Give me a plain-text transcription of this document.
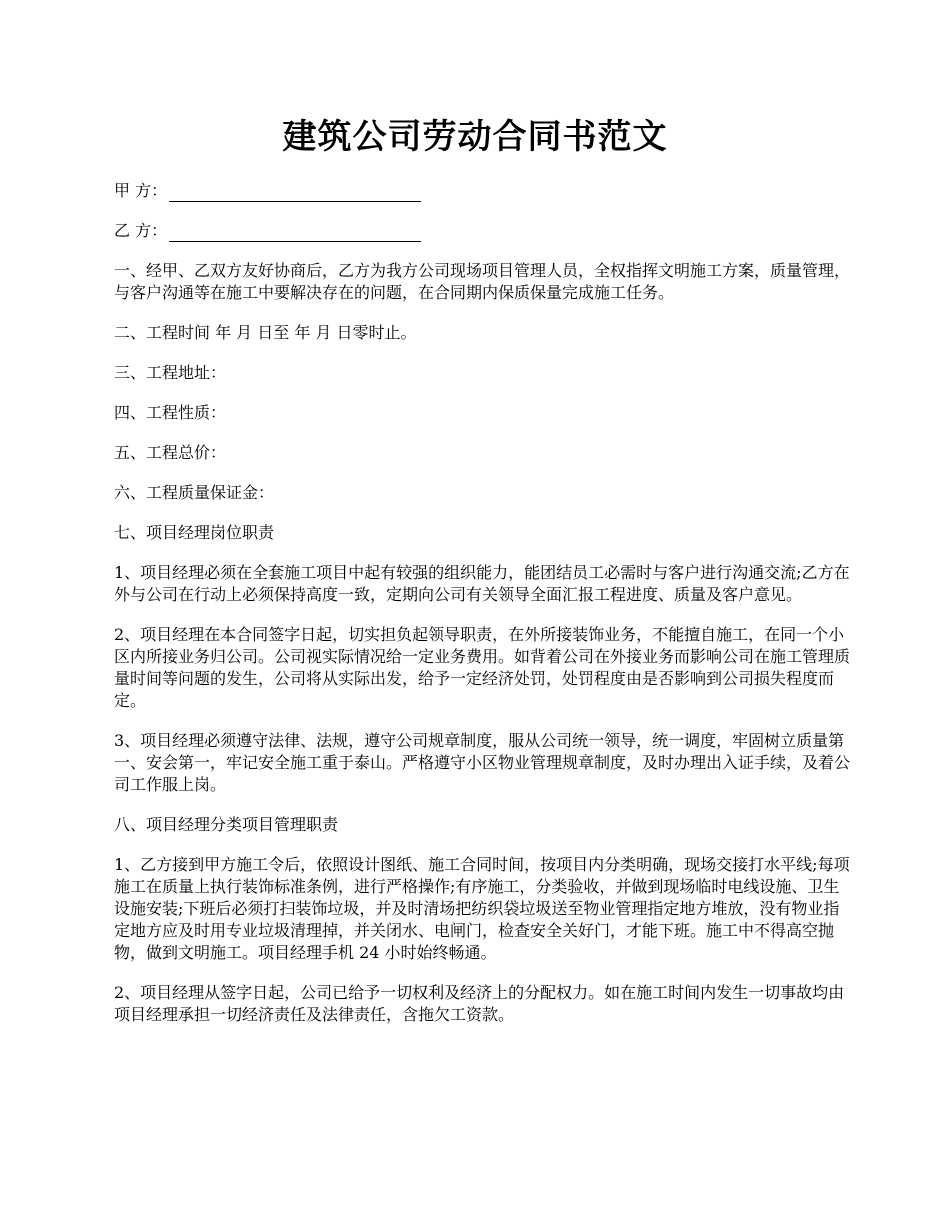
建筑公司劳动合同书范文

甲 方：

乙 方：

一、经甲、乙双方友好协商后，乙方为我方公司现场项目管理人员，全权指挥文明施工方案，质量管理，与客户沟通等在施工中要解决存在的问题，在合同期内保质保量完成施工任务。

二、工程时间 年 月 日至 年 月 日零时止。

三、工程地址：

四、工程性质：

五、工程总价：

六、工程质量保证金：

七、项目经理岗位职责

1、项目经理必须在全套施工项目中起有较强的组织能力，能团结员工必需时与客户进行沟通交流;乙方在外与公司在行动上必须保持高度一致，定期向公司有关领导全面汇报工程进度、质量及客户意见。

2、项目经理在本合同签字日起，切实担负起领导职责，在外所接装饰业务，不能擅自施工，在同一个小区内所接业务归公司。公司视实际情况给一定业务费用。如背着公司在外接业务而影响公司在施工管理质量时间等问题的发生，公司将从实际出发，给予一定经济处罚，处罚程度由是否影响到公司损失程度而定。

3、项目经理必须遵守法律、法规，遵守公司规章制度，服从公司统一领导，统一调度，牢固树立质量第一、安会第一，牢记安全施工重于泰山。严格遵守小区物业管理规章制度，及时办理出入证手续，及着公司工作服上岗。

八、项目经理分类项目管理职责

1、乙方接到甲方施工令后，依照设计图纸、施工合同时间，按项目内分类明确，现场交接打水平线;每项施工在质量上执行装饰标准条例，进行严格操作;有序施工，分类验收，并做到现场临时电线设施、卫生设施安装;下班后必须打扫装饰垃圾，并及时清场把纺织袋垃圾送至物业管理指定地方堆放，没有物业指定地方应及时用专业垃圾清理掉，并关闭水、电闸门，检查安全关好门，才能下班。施工中不得高空抛物，做到文明施工。项目经理手机 24 小时始终畅通。

2、项目经理从签字日起，公司已给予一切权利及经济上的分配权力。如在施工时间内发生一切事故均由项目经理承担一切经济责任及法律责任，含拖欠工资款。
